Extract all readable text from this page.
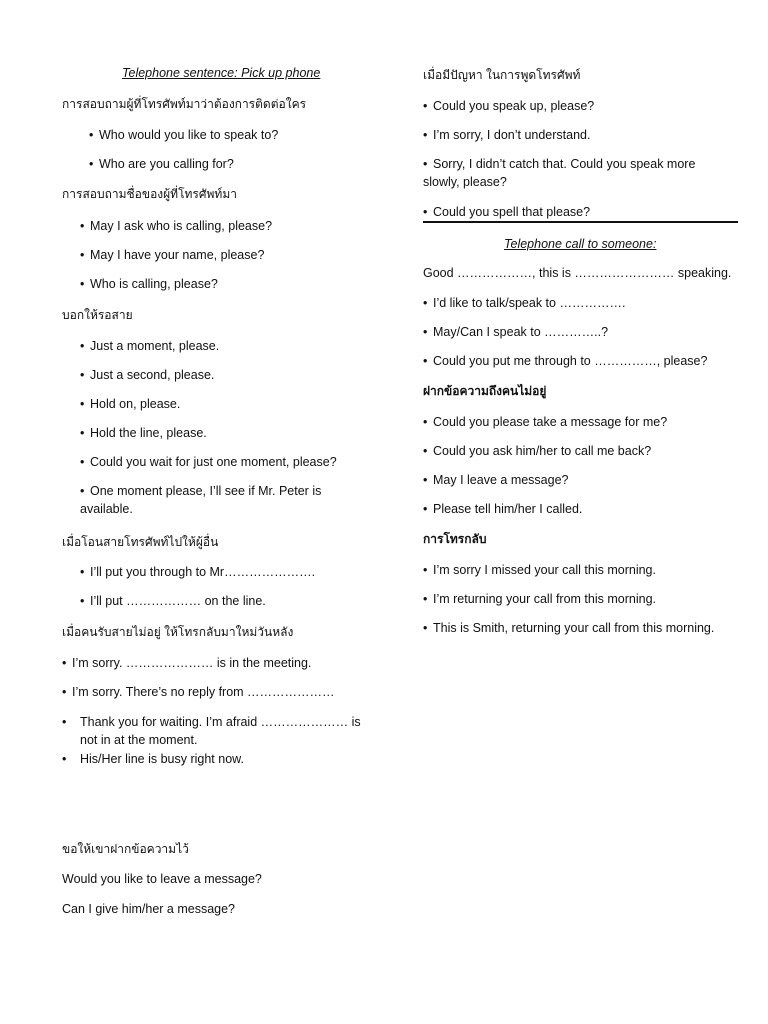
Telephone sentence: Pick up phone
การสอบถามผู้ที่โทรศัพท์มาว่าต้องการติดต่อใคร
• Who would you like to speak to?
• Who are you calling for?
การสอบถามชื่อของผู้ที่โทรศัพท์มา
• May I ask who is calling, please?
• May I have your name, please?
• Who is calling, please?
บอกให้รอสาย
• Just a moment, please.
• Just a second, please.
• Hold on, please.
• Hold the line, please.
• Could you wait for just one moment, please?
• One moment please, I’ll see if Mr. Peter is available.
เมื่อโอนสายโทรศัพท์ไปให้ผู้อื่น
• I’ll put you through to Mr………………….
• I’ll put ……………… on the line.
เมื่อคนรับสายไม่อยู่ ให้โทรกลับมาใหม่วันหลัง
• I’m sorry. ………………… is in the meeting.
• I’m sorry. There’s no reply from …………………
• Thank you for waiting. I’m afraid ………………… is not in at the moment.
• His/Her line is busy right now.
ขอให้เขาฝากข้อความไว้
Would you like to leave a message?
Can I give him/her a message?
เมื่อมีปัญหา ในการพูดโทรศัพท์
• Could you speak up, please?
• I’m sorry, I don’t understand.
• Sorry, I didn’t catch that. Could you speak more slowly, please?
• Could you spell that please?
Telephone call to someone:
Good ………………, this is …………………… speaking.
• I’d like to talk/speak to …………….
• May/Can I speak to …………..?
• Could you put me through to ……………, please?
ฝากข้อความถึงคนไม่อยู่
• Could you please take a message for me?
• Could you ask him/her to call me back?
• May I leave a message?
• Please tell him/her I called.
การโทรกลับ
• I’m sorry I missed your call this morning.
• I’m returning your call from this morning.
• This is Smith, returning your call from this morning.
